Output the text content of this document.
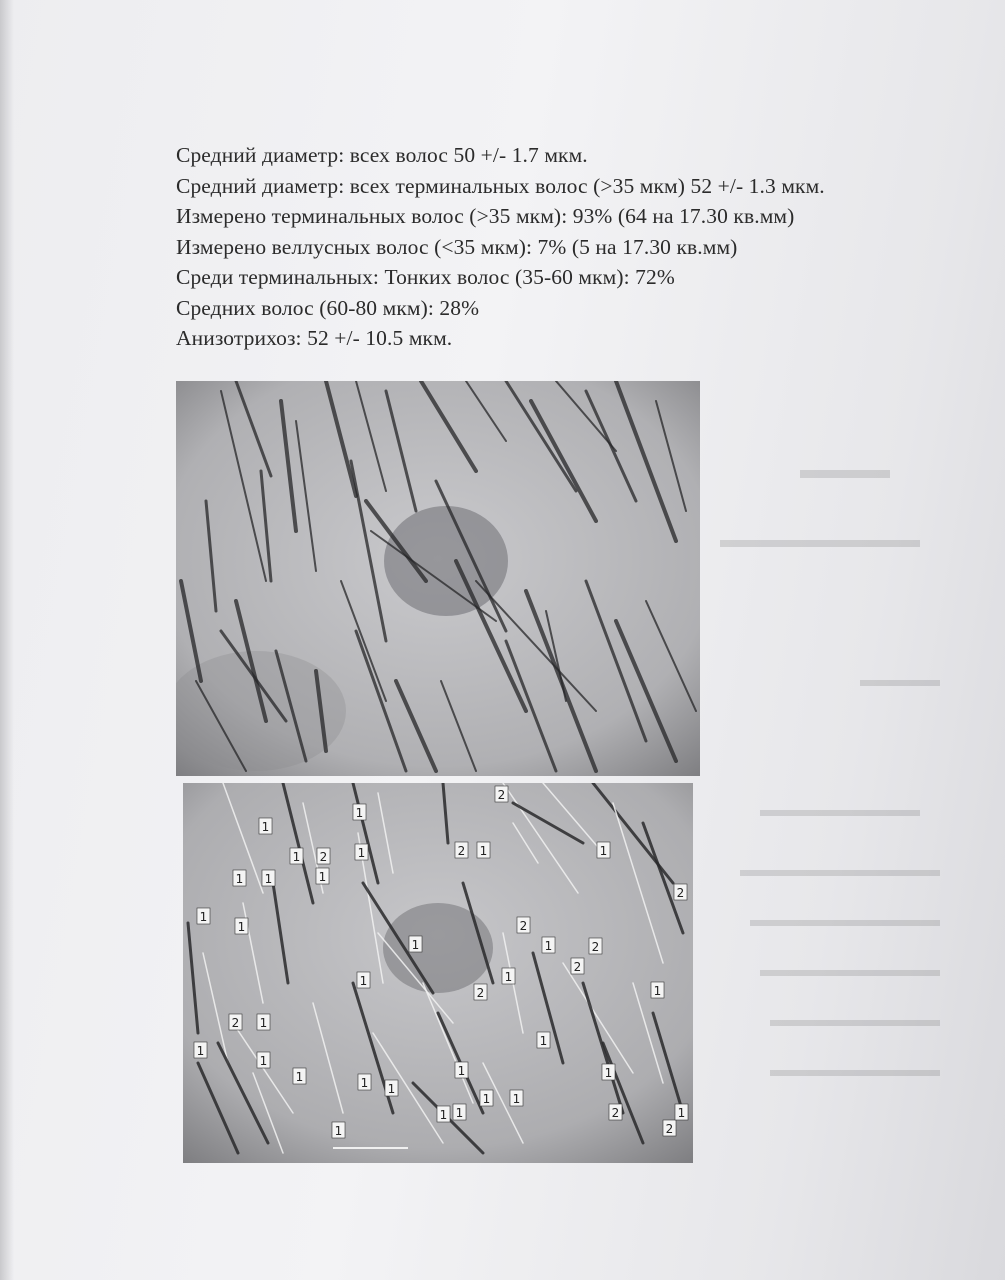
Средний диаметр: всех волос 50 +/- 1.7 мкм.
Средний диаметр: всех терминальных волос (>35 мкм) 52 +/- 1.3 мкм.
Измерено терминальных волос (>35 мкм): 93% (64 на 17.30 кв.мм)
Измерено веллусных волос (<35 мкм): 7% (5 на 17.30 кв.мм)
Среди терминальных: Тонких волос (35-60 мкм): 72%
Средних волос (60-80 мкм): 28%
Анизотрихоз: 52 +/- 10.5 мкм.
2
1
1
2 1
1
2
1
1 1	1
1
1
1
2
2
1
1	2
2
1
1
2	1
2 1
1
1	1
1 1
1
1 1
2
1
2
1
1
1
1
1
